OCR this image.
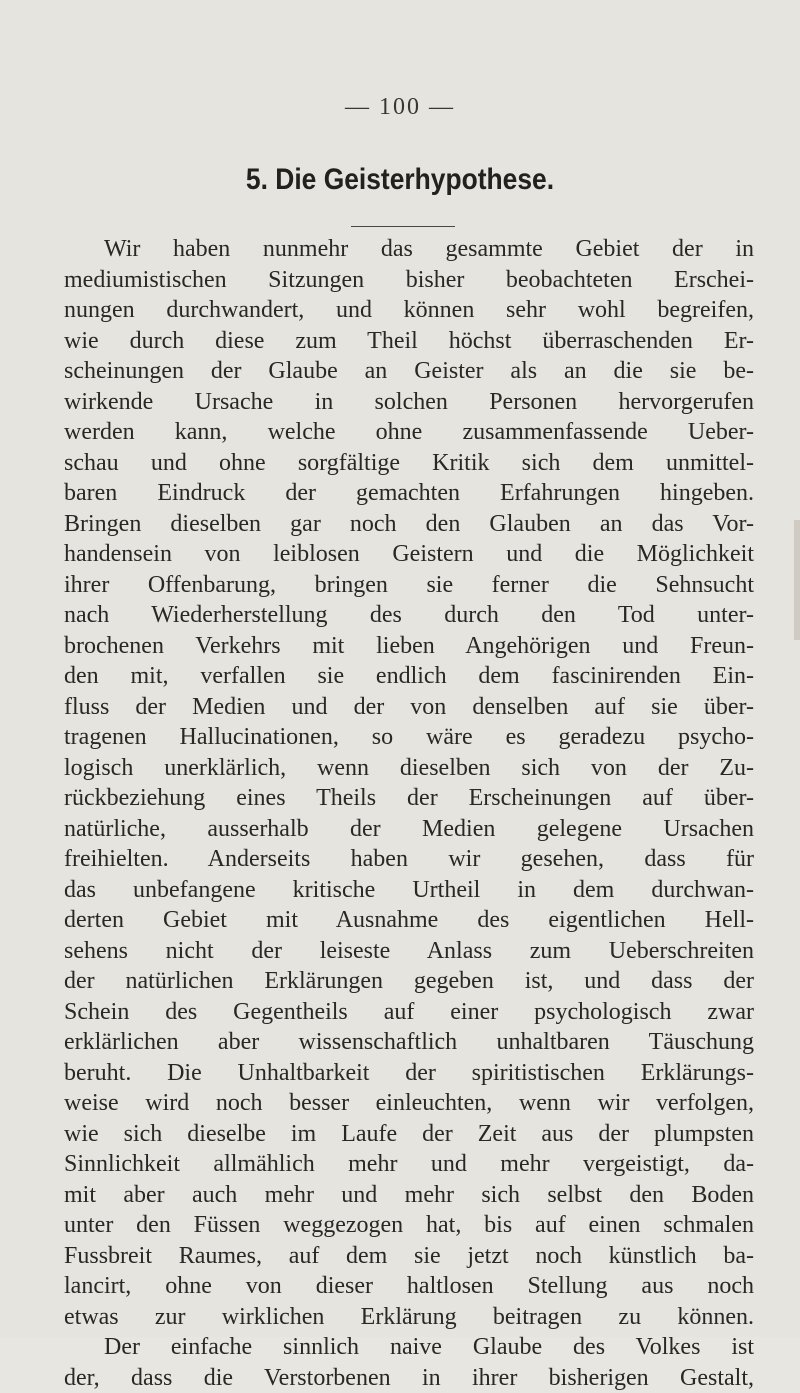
— 100 —
5. Die Geisterhypothese.
Wir haben nunmehr das gesammte Gebiet der in
mediumistischen Sitzungen bisher beobachteten Erschei-
nungen durchwandert, und können sehr wohl begreifen,
wie durch diese zum Theil höchst überraschenden Er-
scheinungen der Glaube an Geister als an die sie be-
wirkende Ursache in solchen Personen hervorgerufen
werden kann, welche ohne zusammenfassende Ueber-
schau und ohne sorgfältige Kritik sich dem unmittel-
baren Eindruck der gemachten Erfahrungen hingeben.
Bringen dieselben gar noch den Glauben an das Vor-
handensein von leiblosen Geistern und die Möglichkeit
ihrer Offenbarung, bringen sie ferner die Sehnsucht
nach Wiederherstellung des durch den Tod unter-
brochenen Verkehrs mit lieben Angehörigen und Freun-
den mit, verfallen sie endlich dem fascinirenden Ein-
fluss der Medien und der von denselben auf sie über-
tragenen Hallucinationen, so wäre es geradezu psycho-
logisch unerklärlich, wenn dieselben sich von der Zu-
rückbeziehung eines Theils der Erscheinungen auf über-
natürliche, ausserhalb der Medien gelegene Ursachen
freihielten. Anderseits haben wir gesehen, dass für
das unbefangene kritische Urtheil in dem durchwan-
derten Gebiet mit Ausnahme des eigentlichen Hell-
sehens nicht der leiseste Anlass zum Ueberschreiten
der natürlichen Erklärungen gegeben ist, und dass der
Schein des Gegentheils auf einer psychologisch zwar
erklärlichen aber wissenschaftlich unhaltbaren Täuschung
beruht. Die Unhaltbarkeit der spiritistischen Erklärungs-
weise wird noch besser einleuchten, wenn wir verfolgen,
wie sich dieselbe im Laufe der Zeit aus der plumpsten
Sinnlichkeit allmählich mehr und mehr vergeistigt, da-
mit aber auch mehr und mehr sich selbst den Boden
unter den Füssen weggezogen hat, bis auf einen schmalen
Fussbreit Raumes, auf dem sie jetzt noch künstlich ba-
lancirt, ohne von dieser haltlosen Stellung aus noch
etwas zur wirklichen Erklärung beitragen zu können.
Der einfache sinnlich naive Glaube des Volkes ist
der, dass die Verstorbenen in ihrer bisherigen Gestalt,
